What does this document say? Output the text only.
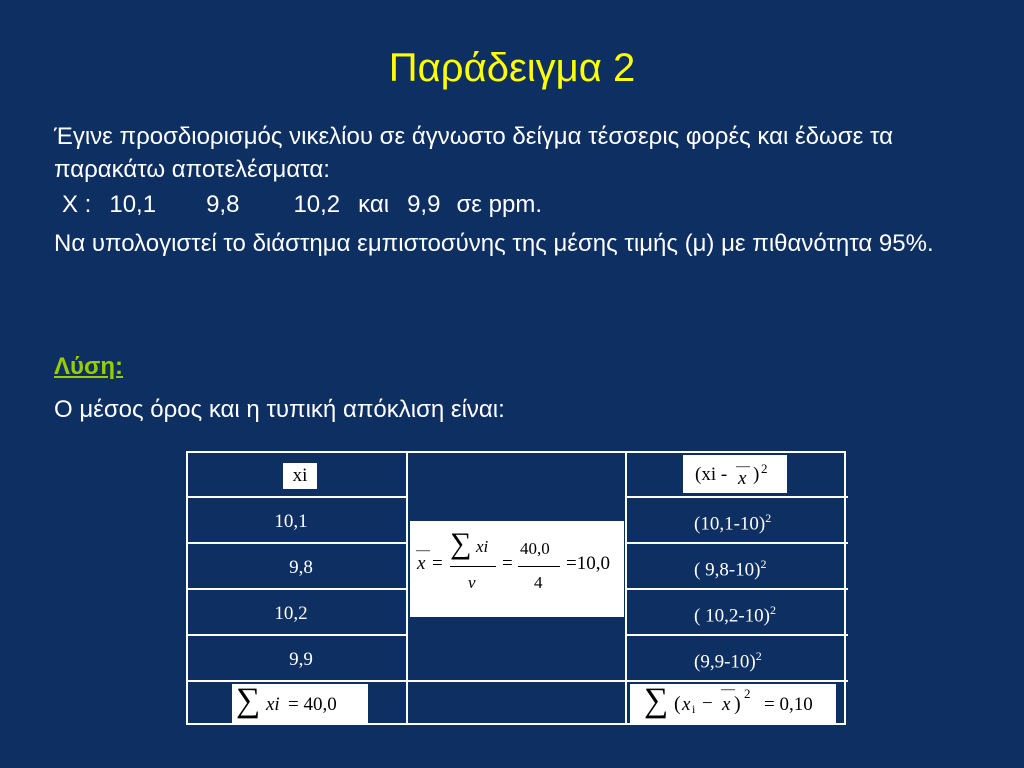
Παράδειγμα 2

Έγινε προσδιορισμός νικελίου σε άγνωστο δείγμα τέσσερις φορές και έδωσε τα παρακάτω αποτελέσματα:

X : 10,1 9,8 10,2 και 9,9 σε ppm.

Να υπολογιστεί το διάστημα εμπιστοσύνης της μέσης τιμής (μ) με πιθανότητα 95%.

Λύση:
Ο μέσος όρος και η τυπική απόκλιση είναι:
xi	(xi - —
x ) 2
10,1
9,8
10,2
9,9
$(10,1-10)^2$
( 9,8-10)$^2$
( 10,2-10)$^2$
$(9,9-10)^2$
—
x =
∑ xi
ν
=
40,0
4
=10,0
∑ xi = 40,0	∑ ( x i −
—
x ) 2
= 0,10
